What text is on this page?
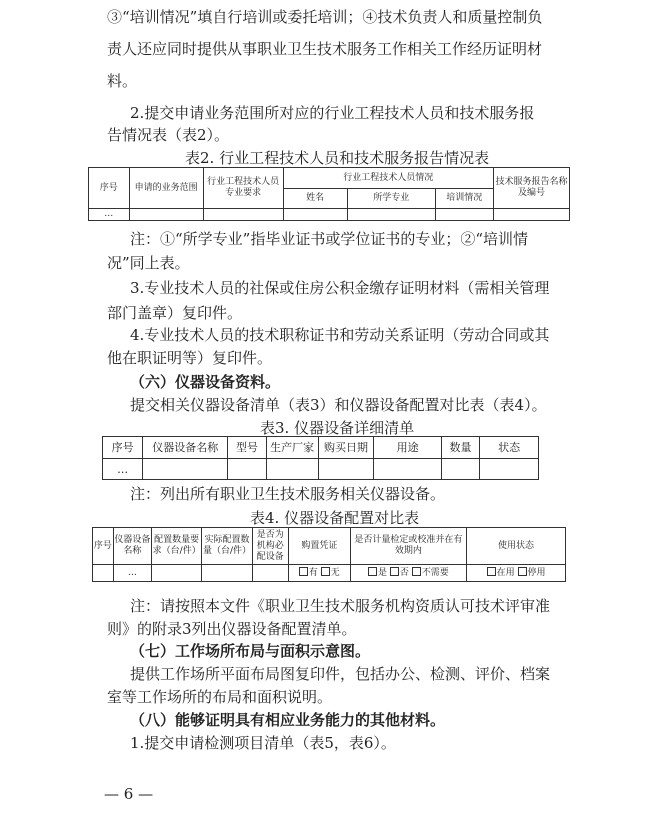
③“培训情况”填自行培训或委托培训；④技术负责人和质量控制负
责人还应同时提供从事职业卫生技术服务工作相关工作经历证明材
料。
2.提交申请业务范围所对应的行业工程技术人员和技术服务报
告情况表（表2）。
表2. 行业工程技术人员和技术服务报告情况表
序号	申请的业务范围	行业工程技术人员专业要求	行业工程技术人员情况			技术服务报告名称及编号
			姓名	所学专业	培训情况	
…						
注：①“所学专业”指毕业证书或学位证书的专业；②“培训情
况”同上表。
3.专业技术人员的社保或住房公积金缴存证明材料（需相关管理
部门盖章）复印件。
4.专业技术人员的技术职称证书和劳动关系证明（劳动合同或其
他在职证明等）复印件。
（六）仪器设备资料。
提交相关仪器设备清单（表3）和仪器设备配置对比表（表4）。
表3. 仪器设备详细清单
序号	仪器设备名称	型号	生产厂家	购买日期	用途	数量	状态
…							
注：列出所有职业卫生技术服务相关仪器设备。
表4. 仪器设备配置对比表
序号	仪器设备名称	配置数量要求（台/件）	实际配置数量（台/件）	是否为机构必配设备	购置凭证	是否计量检定或校准并在有效期内	使用状态
	…				有 无	是 否 不需要	在用 停用
注：请按照本文件《职业卫生技术服务机构资质认可技术评审准
则》的附录3列出仪器设备配置清单。
（七）工作场所布局与面积示意图。
提供工作场所平面布局图复印件，包括办公、检测、评价、档案
室等工作场所的布局和面积说明。
（八）能够证明具有相应业务能力的其他材料。
1.提交申请检测项目清单（表5，表6）。
— 6 —
